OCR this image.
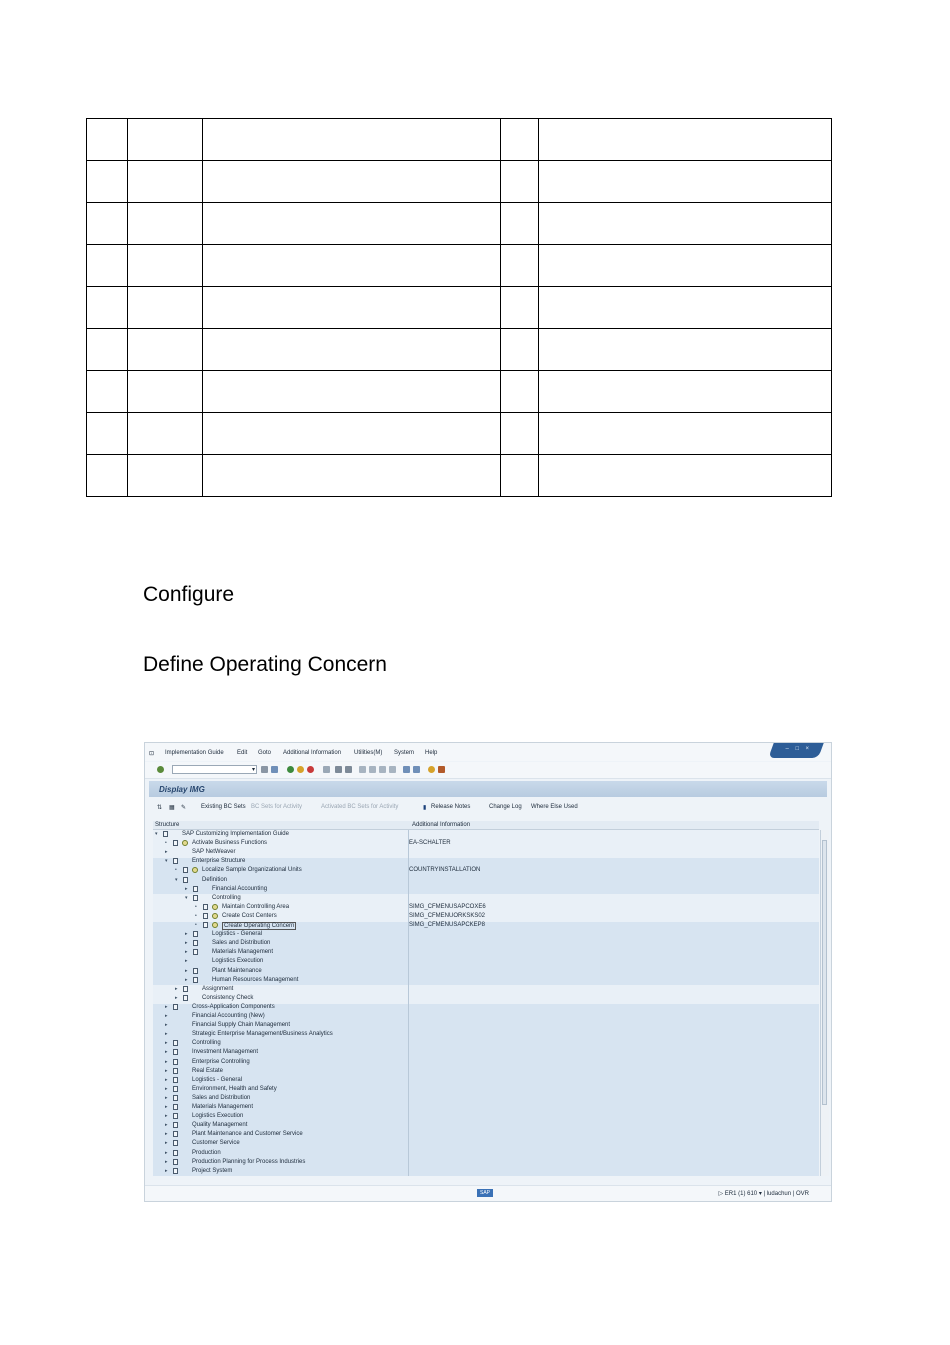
Configure
Define Operating Concern
⊡ Implementation Guide Edit Goto Additional Information Utilities(M) System Help
– □ ×
▾
Display IMG
⇅ ▦ ✎ Existing BC Sets BC Sets for Activity	Activated BC Sets for Activity	▮ Release Notes	Change Log Where Else Used
Structure	Additional Information
▾	SAP Customizing Implementation Guide
•	Activate Business Functions	EA-SCHALTER
▸	SAP NetWeaver
▾	Enterprise Structure
•	Localize Sample Organizational Units	COUNTRYINSTALLATION
▾	Definition
▸	Financial Accounting
▾	Controlling
•	Maintain Controlling Area	SIMG_CFMENUSAPCOXE6
•	Create Cost Centers	SIMG_CFMENUORKSKS02
•	Create Operating Concern	SIMG_CFMENUSAPCKEP8
▸	Logistics - General
▸	Sales and Distribution
▸	Materials Management
▸	Logistics Execution
▸	Plant Maintenance
▸	Human Resources Management
▸	Assignment
▸	Consistency Check
▸	Cross-Application Components
▸	Financial Accounting (New)
▸	Financial Supply Chain Management
▸	Strategic Enterprise Management/Business Analytics
▸	Controlling
▸	Investment Management
▸	Enterprise Controlling
▸	Real Estate
▸	Logistics - General
▸	Environment, Health and Safety
▸	Sales and Distribution
▸	Materials Management
▸	Logistics Execution
▸	Quality Management
▸	Plant Maintenance and Customer Service
▸	Customer Service
▸	Production
▸	Production Planning for Process Industries
▸	Project System
SAP	▷ ER1 (1) 610 ▾ | ludachun | OVR
